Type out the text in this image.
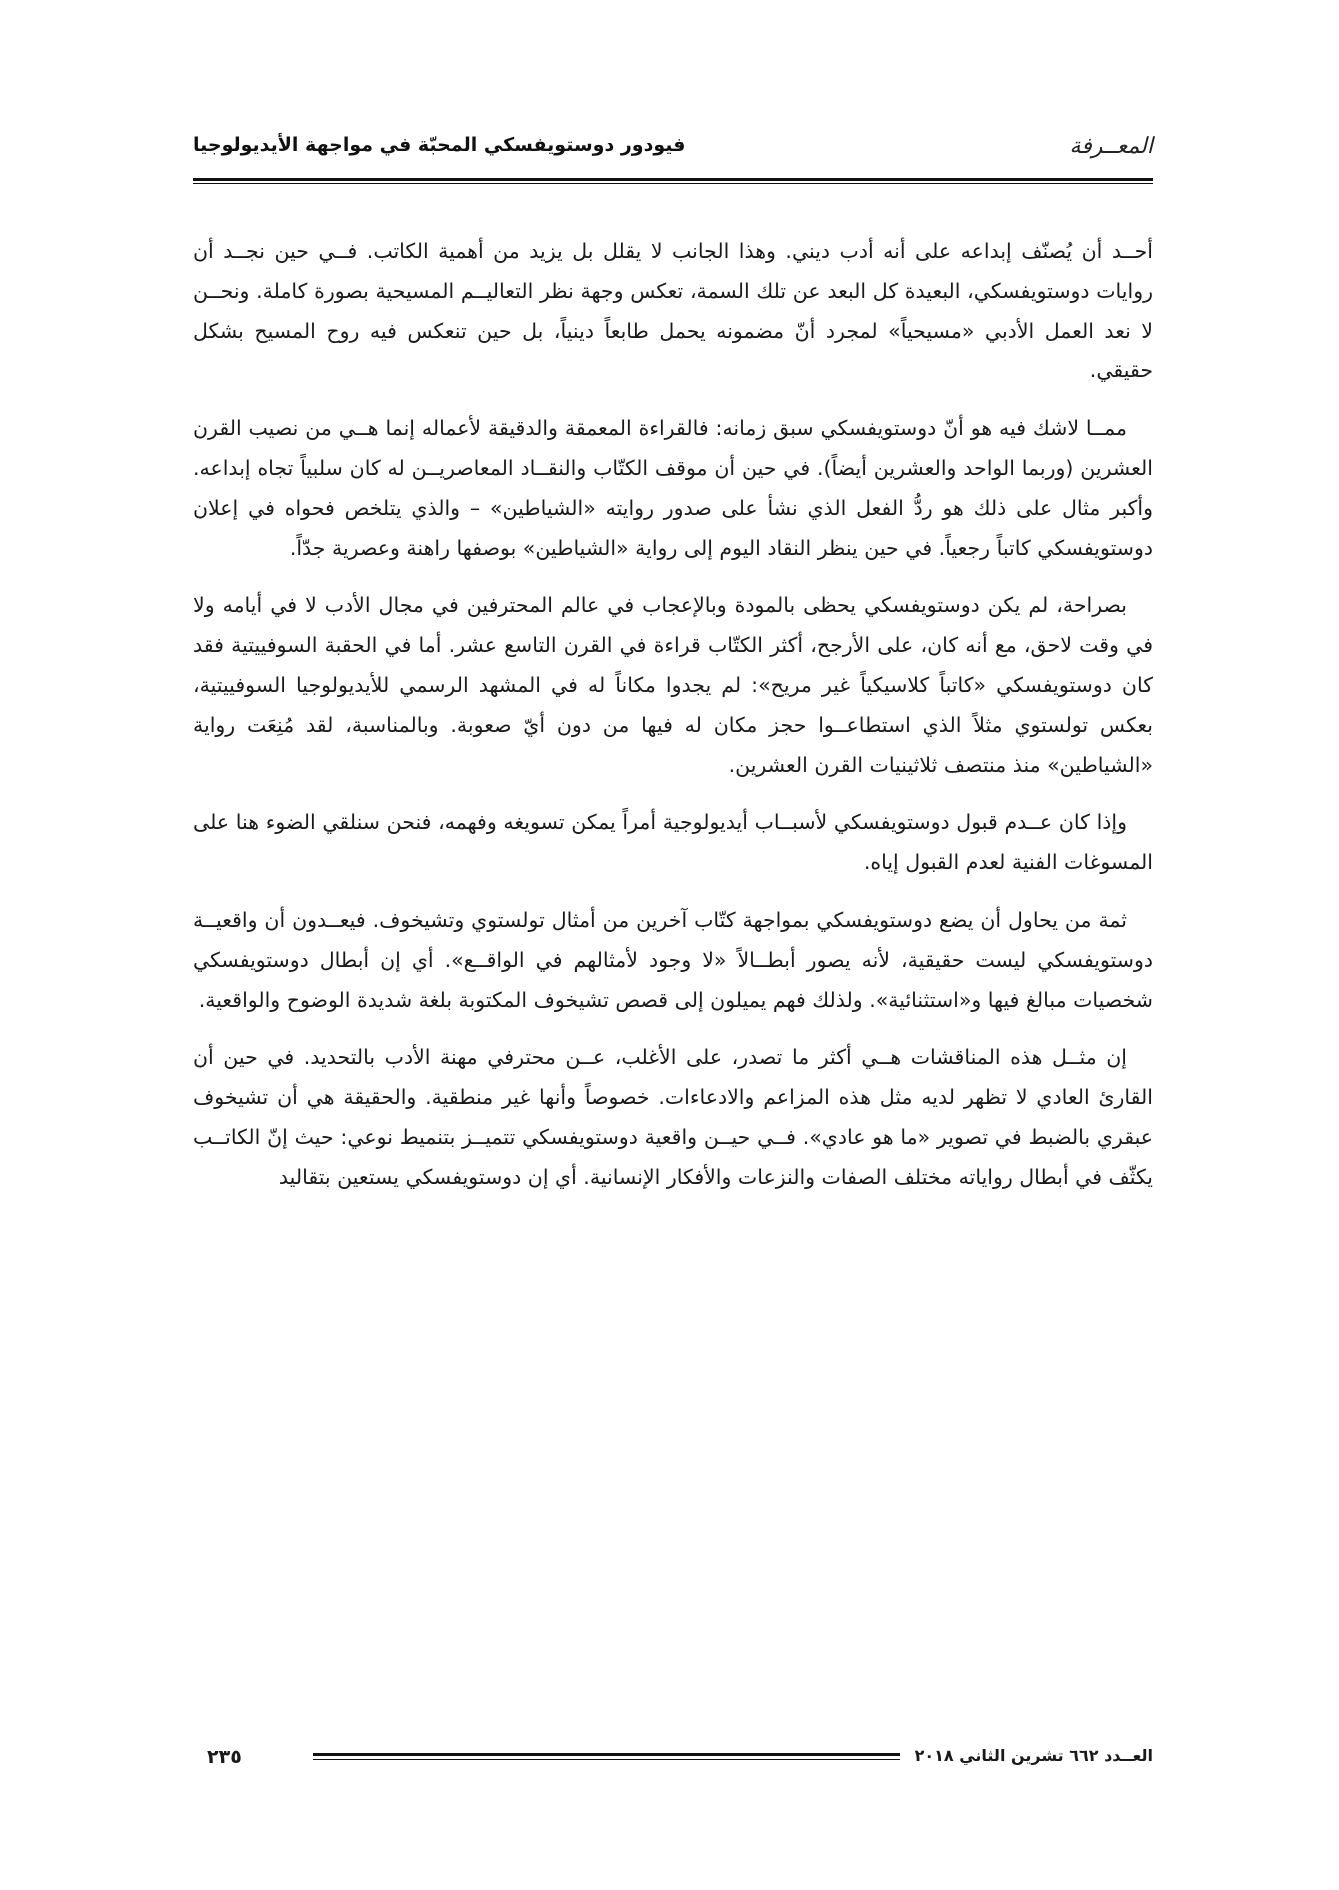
المعــرفة
فيودور دوستويفسكي المحبّة في مواجهة الأيديولوجيا

أحــد أن يُصنّف إبداعه على أنه أدب ديني. وهذا الجانب لا يقلل بل يزيد من أهمية الكاتب. فــي حين نجــد أن روايات دوستويفسكي، البعيدة كل البعد عن تلك السمة، تعكس وجهة نظر التعاليــم المسيحية بصورة كاملة. ونحــن لا نعد العمل الأدبي «مسيحياً» لمجرد أنّ مضمونه يحمل طابعاً دينياً، بل حين تنعكس فيه روح المسيح بشكل حقيقي.

ممــا لاشك فيه هو أنّ دوستويفسكي سبق زمانه: فالقراءة المعمقة والدقيقة لأعماله إنما هــي من نصيب القرن العشرين (وربما الواحد والعشرين أيضاً). في حين أن موقف الكتّاب والنقــاد المعاصريــن له كان سلبياً تجاه إبداعه. وأكبر مثال على ذلك هو ردُّ الفعل الذي نشأ على صدور روايته «الشياطين» – والذي يتلخص فحواه في إعلان دوستويفسكي كاتباً رجعياً. في حين ينظر النقاد اليوم إلى رواية «الشياطين» بوصفها راهنة وعصرية جدّاً.

بصراحة، لم يكن دوستويفسكي يحظى بالمودة وبالإعجاب في عالم المحترفين في مجال الأدب لا في أيامه ولا في وقت لاحق، مع أنه كان، على الأرجح، أكثر الكتّاب قراءة في القرن التاسع عشر. أما في الحقبة السوفييتية فقد كان دوستويفسكي «كاتباً كلاسيكياً غير مريح»: لم يجدوا مكاناً له في المشهد الرسمي للأيديولوجيا السوفييتية، بعكس تولستوي مثلاً الذي استطاعــوا حجز مكان له فيها من دون أيّ صعوبة. وبالمناسبة، لقد مُنِعَت رواية «الشياطين» منذ منتصف ثلاثينيات القرن العشرين.

وإذا كان عــدم قبول دوستويفسكي لأسبــاب أيديولوجية أمراً يمكن تسويغه وفهمه، فنحن سنلقي الضوء هنا على المسوغات الفنية لعدم القبول إياه.

ثمة من يحاول أن يضع دوستويفسكي بمواجهة كتّاب آخرين من أمثال تولستوي وتشيخوف. فيعــدون أن واقعيــة دوستويفسكي ليست حقيقية، لأنه يصور أبطــالاً «لا وجود لأمثالهم في الواقــع». أي إن أبطال دوستويفسكي شخصيات مبالغ فيها و«استثنائية». ولذلك فهم يميلون إلى قصص تشيخوف المكتوبة بلغة شديدة الوضوح والواقعية.

إن مثــل هذه المناقشات هــي أكثر ما تصدر، على الأغلب، عــن محترفي مهنة الأدب بالتحديد. في حين أن القارئ العادي لا تظهر لديه مثل هذه المزاعم والادعاءات. خصوصاً وأنها غير منطقية. والحقيقة هي أن تشيخوف عبقري بالضبط في تصوير «ما هو عادي». فــي حيــن واقعية دوستويفسكي تتميــز بتنميط نوعي: حيث إنّ الكاتــب يكثّف في أبطال رواياته مختلف الصفات والنزعات والأفكار الإنسانية. أي إن دوستويفسكي يستعين بتقاليد

٢٣٥	العــدد ٦٦٢ تشرين الثاني ٢٠١٨
